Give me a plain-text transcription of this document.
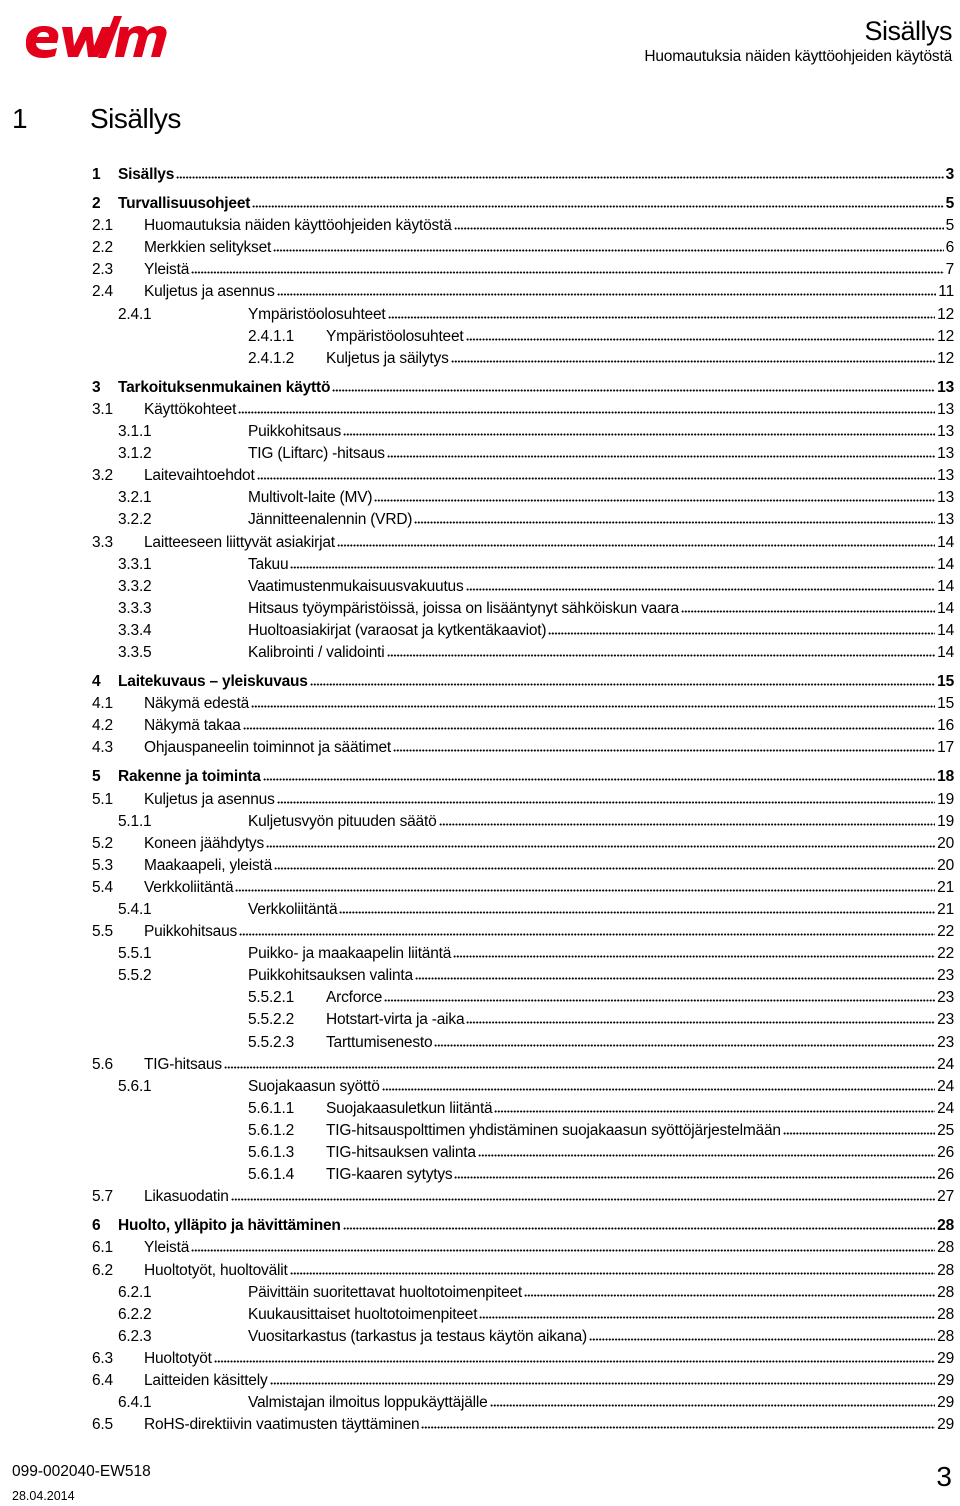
Sisällys
Huomautuksia näiden käyttöohjeiden käytöstä
1 Sisällys
1	Sisällys	3
2	Turvallisuusohjeet	5
2.1	Huomautuksia näiden käyttöohjeiden käytöstä	5
2.2	Merkkien selitykset	6
2.3	Yleistä	7
2.4	Kuljetus ja asennus	11
2.4.1	Ympäristöolosuhteet	12
2.4.1.1	Ympäristöolosuhteet	12
2.4.1.2	Kuljetus ja säilytys	12
3	Tarkoituksenmukainen käyttö	13
3.1	Käyttökohteet	13
3.1.1	Puikkohitsaus	13
3.1.2	TIG (Liftarc) -hitsaus	13
3.2	Laitevaihtoehdot	13
3.2.1	Multivolt-laite (MV)	13
3.2.2	Jännitteenalennin (VRD)	13
3.3	Laitteeseen liittyvät asiakirjat	14
3.3.1	Takuu	14
3.3.2	Vaatimustenmukaisuusvakuutus	14
3.3.3	Hitsaus työympäristöissä, joissa on lisääntynyt sähköiskun vaara	14
3.3.4	Huoltoasiakirjat (varaosat ja kytkentäkaaviot)	14
3.3.5	Kalibrointi / validointi	14
4	Laitekuvaus – yleiskuvaus	15
4.1	Näkymä edestä	15
4.2	Näkymä takaa	16
4.3	Ohjauspaneelin toiminnot ja säätimet	17
5	Rakenne ja toiminta	18
5.1	Kuljetus ja asennus	19
5.1.1	Kuljetusvyön pituuden säätö	19
5.2	Koneen jäähdytys	20
5.3	Maakaapeli, yleistä	20
5.4	Verkkoliitäntä	21
5.4.1	Verkkoliitäntä	21
5.5	Puikkohitsaus	22
5.5.1	Puikko- ja maakaapelin liitäntä	22
5.5.2	Puikkohitsauksen valinta	23
5.5.2.1	Arcforce	23
5.5.2.2	Hotstart-virta ja -aika	23
5.5.2.3	Tarttumisenesto	23
5.6	TIG-hitsaus	24
5.6.1	Suojakaasun syöttö	24
5.6.1.1	Suojakaasuletkun liitäntä	24
5.6.1.2	TIG-hitsauspolttimen yhdistäminen suojakaasun syöttöjärjestelmään	25
5.6.1.3	TIG-hitsauksen valinta	26
5.6.1.4	TIG-kaaren sytytys	26
5.7	Likasuodatin	27
6	Huolto, ylläpito ja hävittäminen	28
6.1	Yleistä	28
6.2	Huoltotyöt, huoltovälit	28
6.2.1	Päivittäin suoritettavat huoltotoimenpiteet	28
6.2.2	Kuukausittaiset huoltotoimenpiteet	28
6.2.3	Vuositarkastus (tarkastus ja testaus käytön aikana)	28
6.3	Huoltotyöt	29
6.4	Laitteiden käsittely	29
6.4.1	Valmistajan ilmoitus loppukäyttäjälle	29
6.5	RoHS-direktiivin vaatimusten täyttäminen	29
099-002040-EW518
28.04.2014
3
